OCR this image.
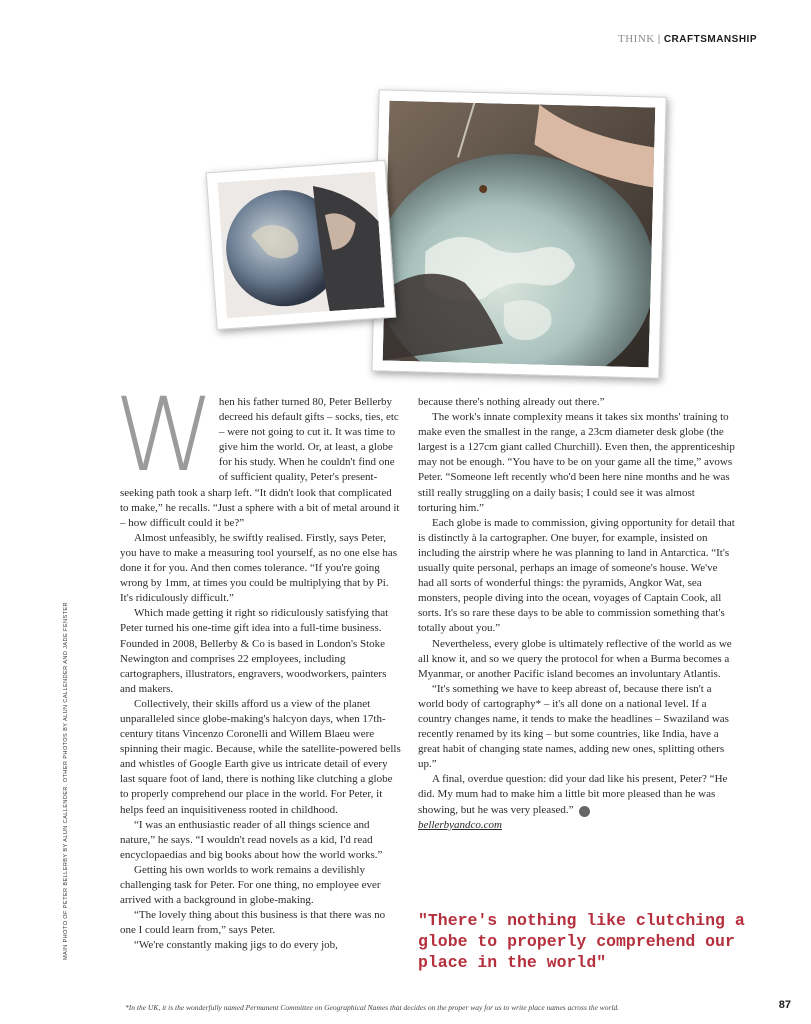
THINK | CRAFTSMANSHIP
W hen his father turned 80, Peter Bellerby decreed his default gifts – socks, ties, etc – were not going to cut it. It was time to give him the world. Or, at least, a globe for his study. When he couldn't find one of sufficient quality, Peter's present-seeking path took a sharp left. “It didn't look that complicated to make,” he recalls. “Just a sphere with a bit of metal around it – how difficult could it be?”

Almost unfeasibly, he swiftly realised. Firstly, says Peter, you have to make a measuring tool yourself, as no one else has done it for you. And then comes tolerance. “If you're going wrong by 1mm, at times you could be multiplying that by Pi. It's ridiculously difficult.”

Which made getting it right so ridiculously satisfying that Peter turned his one-time gift idea into a full-time business. Founded in 2008, Bellerby & Co is based in London's Stoke Newington and comprises 22 employees, including cartographers, illustrators, engravers, woodworkers, painters and makers.

Collectively, their skills afford us a view of the planet unparalleled since globe-making's halcyon days, when 17th-century titans Vincenzo Coronelli and Willem Blaeu were spinning their magic. Because, while the satellite-powered bells and whistles of Google Earth give us intricate detail of every last square foot of land, there is nothing like clutching a globe to properly comprehend our place in the world. For Peter, it helps feed an inquisitiveness rooted in childhood.

“I was an enthusiastic reader of all things science and nature,” he says. “I wouldn't read novels as a kid, I'd read encyclopaedias and big books about how the world works.”

Getting his own worlds to work remains a devilishly challenging task for Peter. For one thing, no employee ever arrived with a background in globe-making.

“The lovely thing about this business is that there was no one I could learn from,” says Peter.

“We're constantly making jigs to do every job,

because there's nothing already out there.”

The work's innate complexity means it takes six months' training to make even the smallest in the range, a 23cm diameter desk globe (the largest is a 127cm giant called Churchill). Even then, the apprenticeship may not be enough. “You have to be on your game all the time,” avows Peter. “Someone left recently who'd been here nine months and he was still really struggling on a daily basis; I could see it was almost torturing him.”

Each globe is made to commission, giving opportunity for detail that is distinctly à la cartographer. One buyer, for example, insisted on including the airstrip where he was planning to land in Antarctica. “It's usually quite personal, perhaps an image of someone's house. We've had all sorts of wonderful things: the pyramids, Angkor Wat, sea monsters, people diving into the ocean, voyages of Captain Cook, all sorts. It's so rare these days to be able to commission something that's totally about you.”

Nevertheless, every globe is ultimately reflective of the world as we all know it, and so we query the protocol for when a Burma becomes a Myanmar, or another Pacific island becomes an involuntary Atlantis.

“It's something we have to keep abreast of, because there isn't a world body of cartography* – it's all done on a national level. If a country changes name, it tends to make the headlines – Swaziland was recently renamed by its king – but some countries, like India, have a great habit of changing state names, adding new ones, splitting others up.”

A final, overdue question: did your dad like his present, Peter? “He did. My mum had to make him a little bit more pleased than he was showing, but he was very pleased.” S

bellerbyandco.com

"There's nothing like clutching a globe to properly comprehend our place in the world"
MAIN PHOTO OF PETER BELLERBY BY ALUN CALLENDER. OTHER PHOTOS BY ALUN CALLENDER AND JADE FENSTER
*In the UK, it is the wonderfully named Permanent Committee on Geographical Names that decides on the proper way for us to write place names across the world.	87
